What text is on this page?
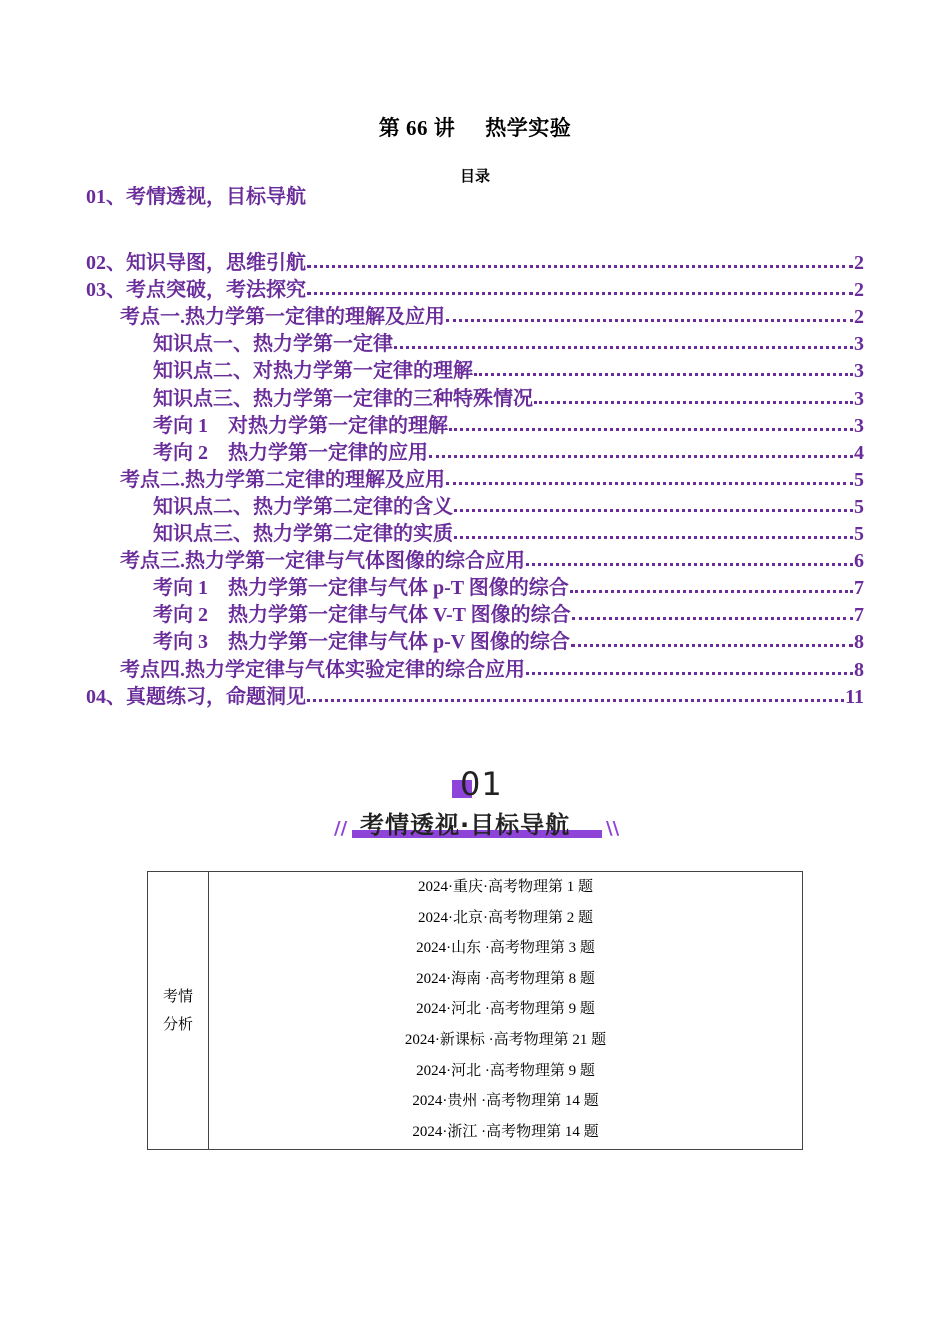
第 66 讲 热学实验
目录
01、考情透视，目标导航
02、知识导图，思维引航	2
03、考点突破，考法探究	2
考点一.热力学第一定律的理解及应用	2
知识点一、热力学第一定律	3
知识点二、对热力学第一定律的理解	3
知识点三、热力学第一定律的三种特殊情况	3
考向 1　对热力学第一定律的理解	3
考向 2　热力学第一定律的应用	4
考点二.热力学第二定律的理解及应用	5
知识点二、热力学第二定律的含义	5
知识点三、热力学第二定律的实质	5
考点三.热力学第一定律与气体图像的综合应用	6
考向 1　热力学第一定律与气体 p-T 图像的综合	7
考向 2　热力学第一定律与气体 V-T 图像的综合	7
考向 3　热力学第一定律与气体 p-V 图像的综合	8
考点四.热力学定律与气体实验定律的综合应用	8
04、真题练习，命题洞见	11
01
考情透视·目标导航
//	\\
考情
分析

2024·重庆·高考物理第 1 题
2024·北京·高考物理第 2 题
2024·山东 ·高考物理第 3 题
2024·海南 ·高考物理第 8 题
2024·河北 ·高考物理第 9 题
2024·新课标 ·高考物理第 21 题
2024·河北 ·高考物理第 9 题
2024·贵州 ·高考物理第 14 题
2024·浙江 ·高考物理第 14 题
